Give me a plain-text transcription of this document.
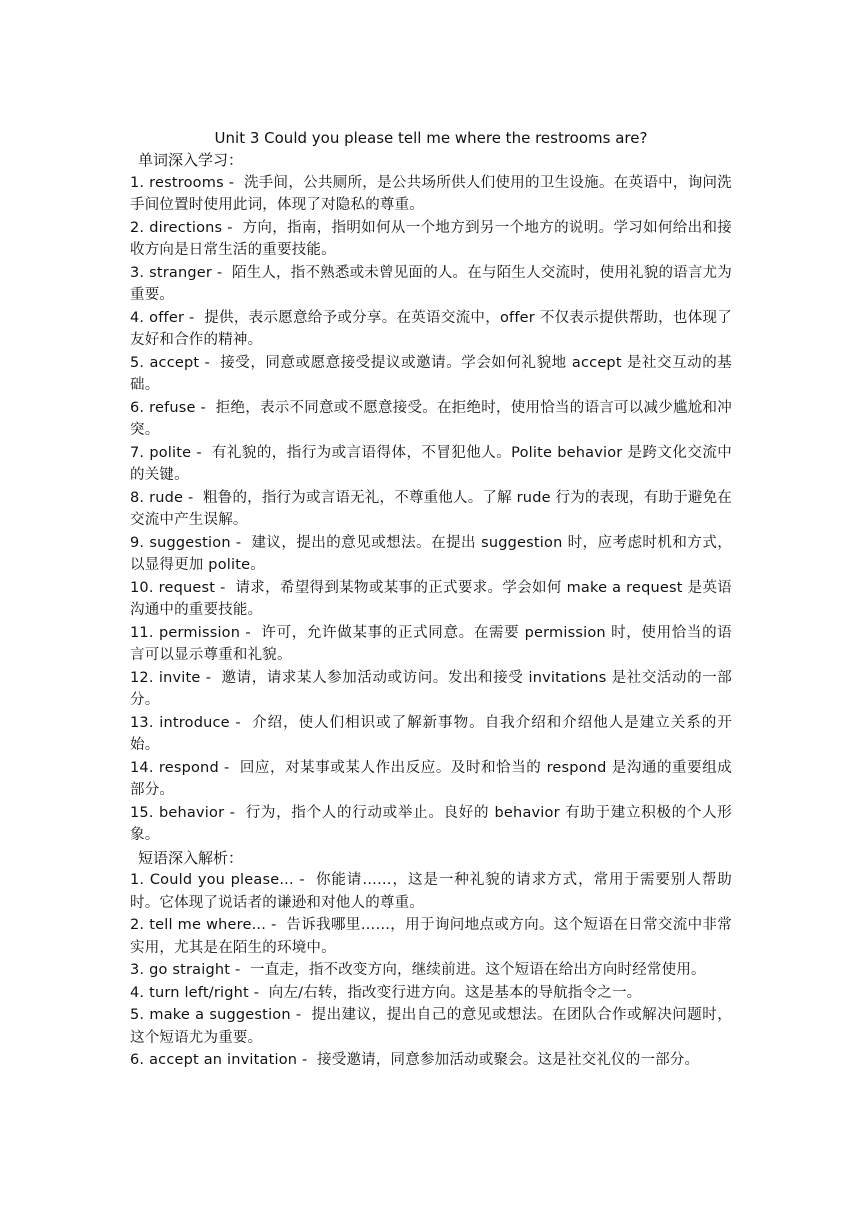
Unit 3 Could you please tell me where the restrooms are?

单词深入学习：

1. restrooms -  洗手间，公共厕所，是公共场所供人们使用的卫生设施。在英语中，询问洗手间位置时使用此词，体现了对隐私的尊重。

2. directions -  方向，指南，指明如何从一个地方到另一个地方的说明。学习如何给出和接收方向是日常生活的重要技能。

3. stranger -  陌生人，指不熟悉或未曾见面的人。在与陌生人交流时，使用礼貌的语言尤为重要。

4. offer -  提供，表示愿意给予或分享。在英语交流中，offer 不仅表示提供帮助，也体现了友好和合作的精神。

5. accept -  接受，同意或愿意接受提议或邀请。学会如何礼貌地 accept 是社交互动的基础。

6. refuse -  拒绝，表示不同意或不愿意接受。在拒绝时，使用恰当的语言可以减少尴尬和冲突。

7. polite -  有礼貌的，指行为或言语得体，不冒犯他人。Polite behavior 是跨文化交流中的关键。

8. rude -  粗鲁的，指行为或言语无礼，不尊重他人。了解 rude 行为的表现，有助于避免在交流中产生误解。

9. suggestion -  建议，提出的意见或想法。在提出 suggestion 时，应考虑时机和方式，以显得更加 polite。

10. request -  请求，希望得到某物或某事的正式要求。学会如何 make a request 是英语沟通中的重要技能。

11. permission -  许可，允许做某事的正式同意。在需要 permission 时，使用恰当的语言可以显示尊重和礼貌。

12. invite -  邀请，请求某人参加活动或访问。发出和接受 invitations 是社交活动的一部分。

13. introduce -  介绍，使人们相识或了解新事物。自我介绍和介绍他人是建立关系的开始。

14. respond -  回应，对某事或某人作出反应。及时和恰当的 respond 是沟通的重要组成部分。

15. behavior -  行为，指个人的行动或举止。良好的 behavior 有助于建立积极的个人形象。

短语深入解析：

1. Could you please... -  你能请……，这是一种礼貌的请求方式，常用于需要别人帮助时。它体现了说话者的谦逊和对他人的尊重。

2. tell me where... -  告诉我哪里……，用于询问地点或方向。这个短语在日常交流中非常实用，尤其是在陌生的环境中。

3. go straight -  一直走，指不改变方向，继续前进。这个短语在给出方向时经常使用。

4. turn left/right -  向左/右转，指改变行进方向。这是基本的导航指令之一。

5. make a suggestion -  提出建议，提出自己的意见或想法。在团队合作或解决问题时，这个短语尤为重要。

6. accept an invitation -  接受邀请，同意参加活动或聚会。这是社交礼仪的一部分。
